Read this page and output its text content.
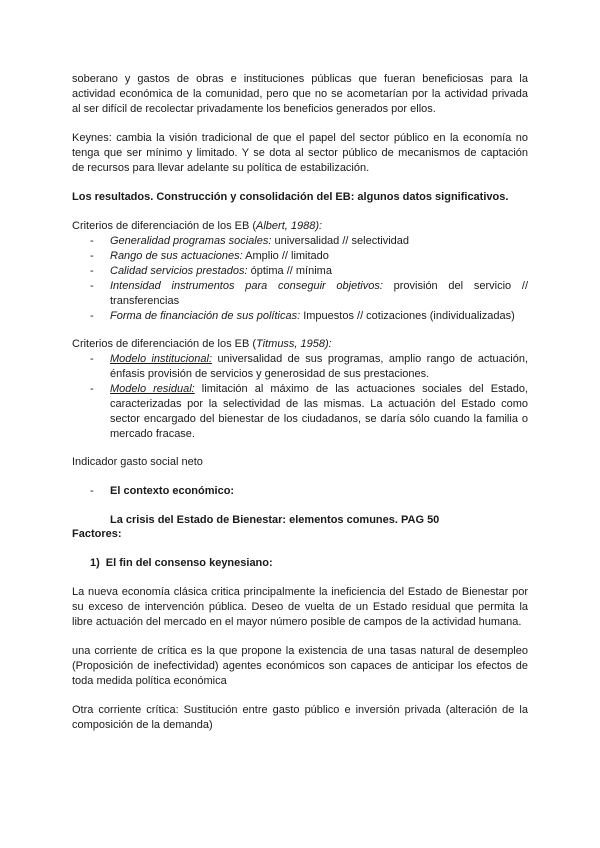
soberano y gastos de obras e instituciones públicas que fueran beneficiosas para la
actividad económica de la comunidad, pero que no se acometarían por la actividad privada
al ser difícil de recolectar privadamente los beneficios generados por ellos.
Keynes: cambia la visión tradicional de que el papel del sector público en la economía no
tenga que ser mínimo y limitado. Y se dota al sector público de mecanismos de captación
de recursos para llevar adelante su política de estabilización.
Los resultados. Construcción y consolidación del EB: algunos datos significativos.
Criterios de diferenciación de los EB (Albert, 1988):
-	Generalidad programas sociales: universalidad // selectividad
-	Rango de sus actuaciones: Amplio // limitado
-	Calidad servicios prestados: óptima // mínima
-	Intensidad instrumentos para conseguir objetivos: provisión del servicio //
transferencias
-	Forma de financiación de sus políticas: Impuestos // cotizaciones (individualizadas)
Criterios de diferenciación de los EB (Titmuss, 1958):
-	Modelo institucional: universalidad de sus programas, amplio rango de actuación,
énfasis provisión de servicios y generosidad de sus prestaciones.
-	Modelo residual: limitación al máximo de las actuaciones sociales del Estado,
caracterizadas por la selectividad de las mismas. La actuación del Estado como
sector encargado del bienestar de los ciudadanos, se daría sólo cuando la familia o
mercado fracase.
Indicador gasto social neto
-	El contexto económico:
La crisis del Estado de Bienestar: elementos comunes. PAG 50
Factores:
1) El fin del consenso keynesiano:
La nueva economía clásica critica principalmente la ineficiencia del Estado de Bienestar por
su exceso de intervención pública. Deseo de vuelta de un Estado residual que permita la
libre actuación del mercado en el mayor número posible de campos de la actividad humana.
una corriente de crítica es la que propone la existencia de una tasas natural de desempleo
(Proposición de inefectividad) agentes económicos son capaces de anticipar los efectos de
toda medida política económica
Otra corriente crítica: Sustitución entre gasto público e inversión privada (alteración de la
composición de la demanda)
